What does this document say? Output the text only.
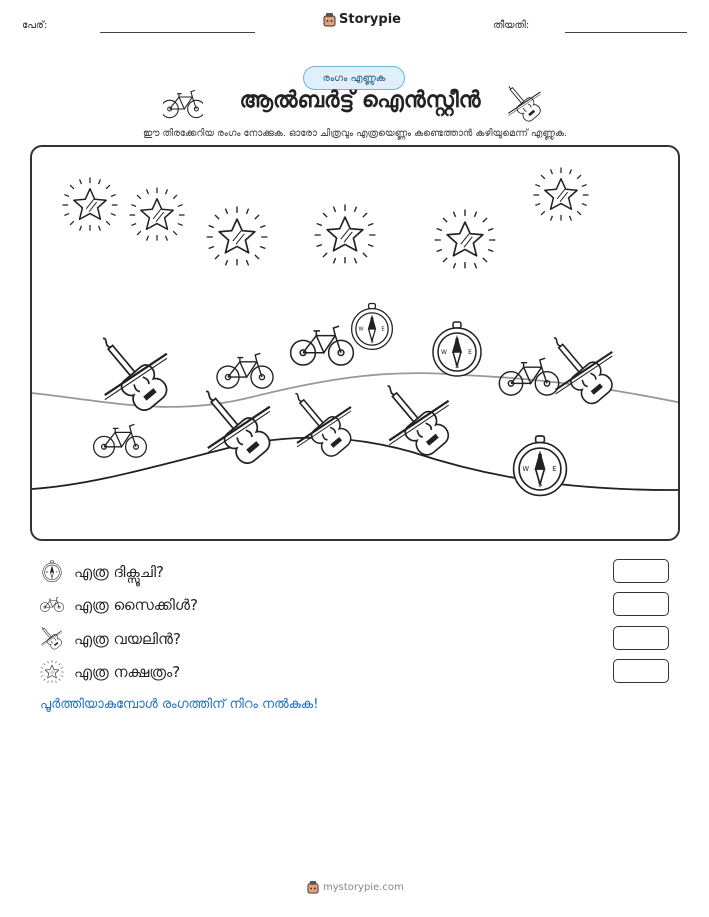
പേര്:	Storypie	തീയതി:
രംഗം എണ്ണുക
ആൽബർട്ട് ഐൻസ്റ്റീൻ
ഈ തിരക്കേറിയ രംഗം നോക്കുക. ഓരോ ചിത്രവും എത്രയെണ്ണം കണ്ടെത്താൻ കഴിയുമെന്ന് എണ്ണുക.
എത്ര ദിക്സൂചി?
എത്ര സൈക്കിൾ?
എത്ര വയലിൻ?
എത്ര നക്ഷത്രം?
പൂർത്തിയാകുമ്പോൾ രംഗത്തിന് നിറം നൽകുക!
mystorypie.com
